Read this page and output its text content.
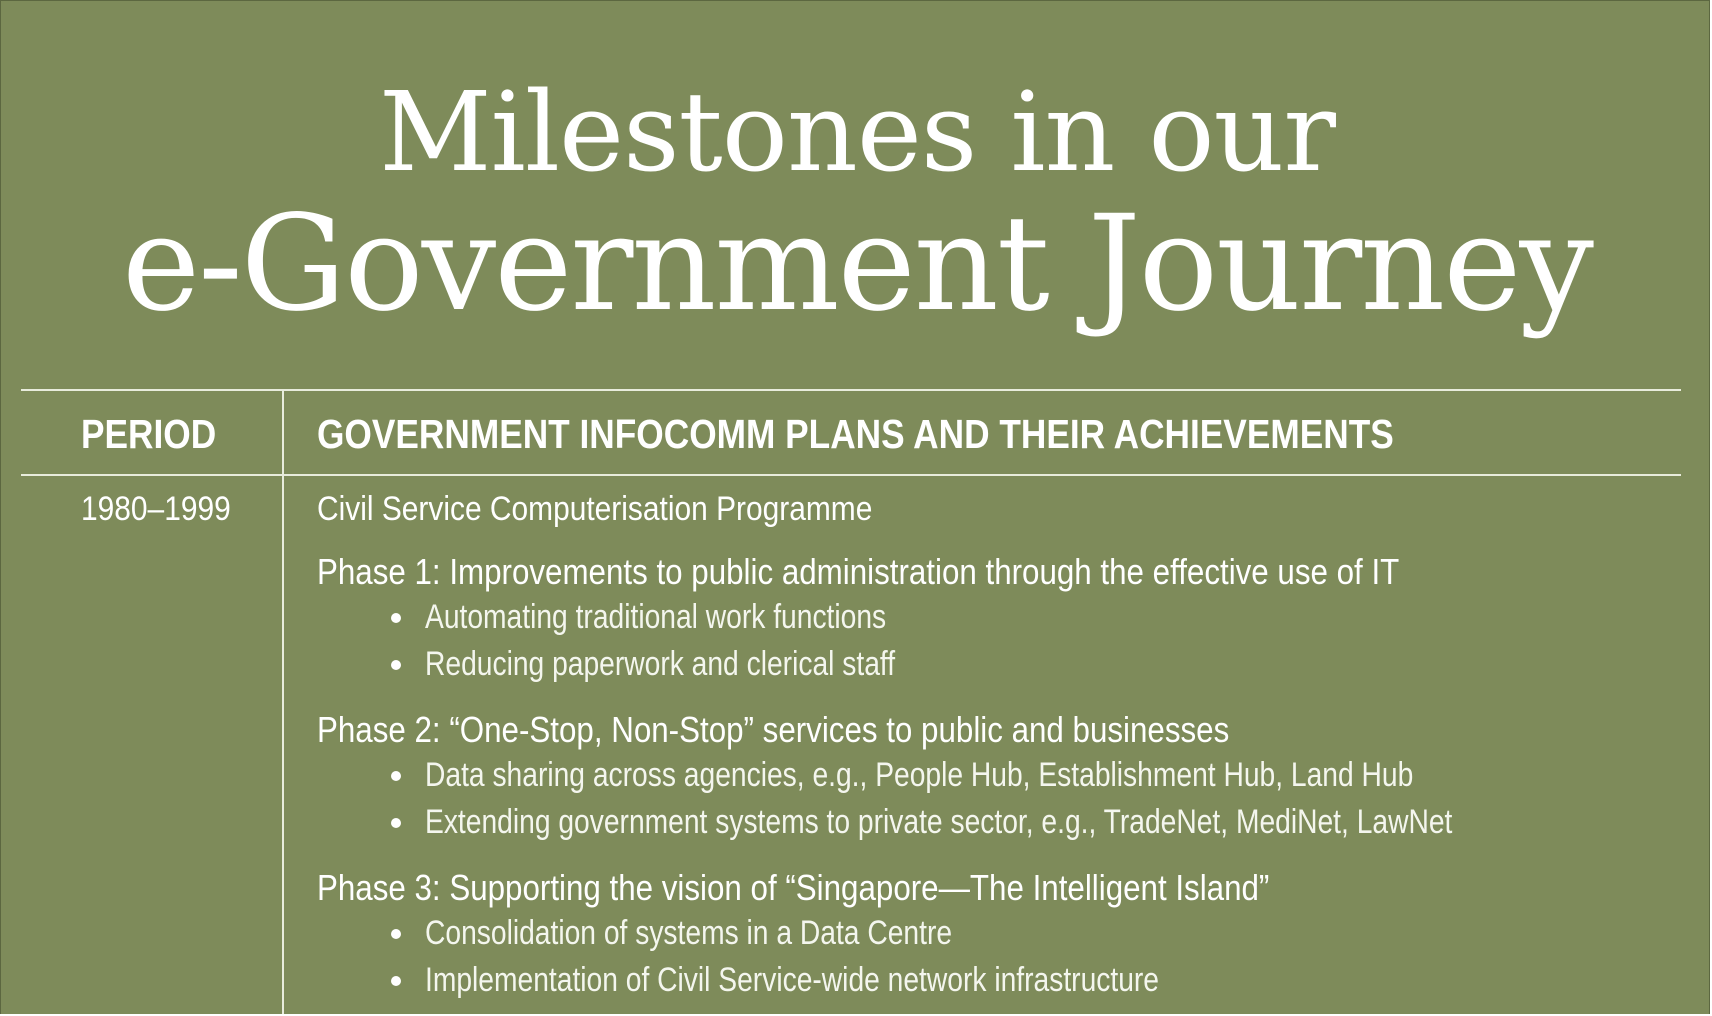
Milestones in our
e-Government Journey
PERIOD GOVERNMENT INFOCOMM PLANS AND THEIR ACHIEVEMENTS
1980–1999	Civil Service Computerisation Programme
Phase 1: Improvements to public administration through the effective use of IT
Automating traditional work functions
Reducing paperwork and clerical staff
Phase 2: “One-Stop, Non-Stop” services to public and businesses
Data sharing across agencies, e.g., People Hub, Establishment Hub, Land Hub
Extending government systems to private sector, e.g., TradeNet, MediNet, LawNet
Phase 3: Supporting the vision of “Singapore—The Intelligent Island”
Consolidation of systems in a Data Centre
Implementation of Civil Service-wide network infrastructure
